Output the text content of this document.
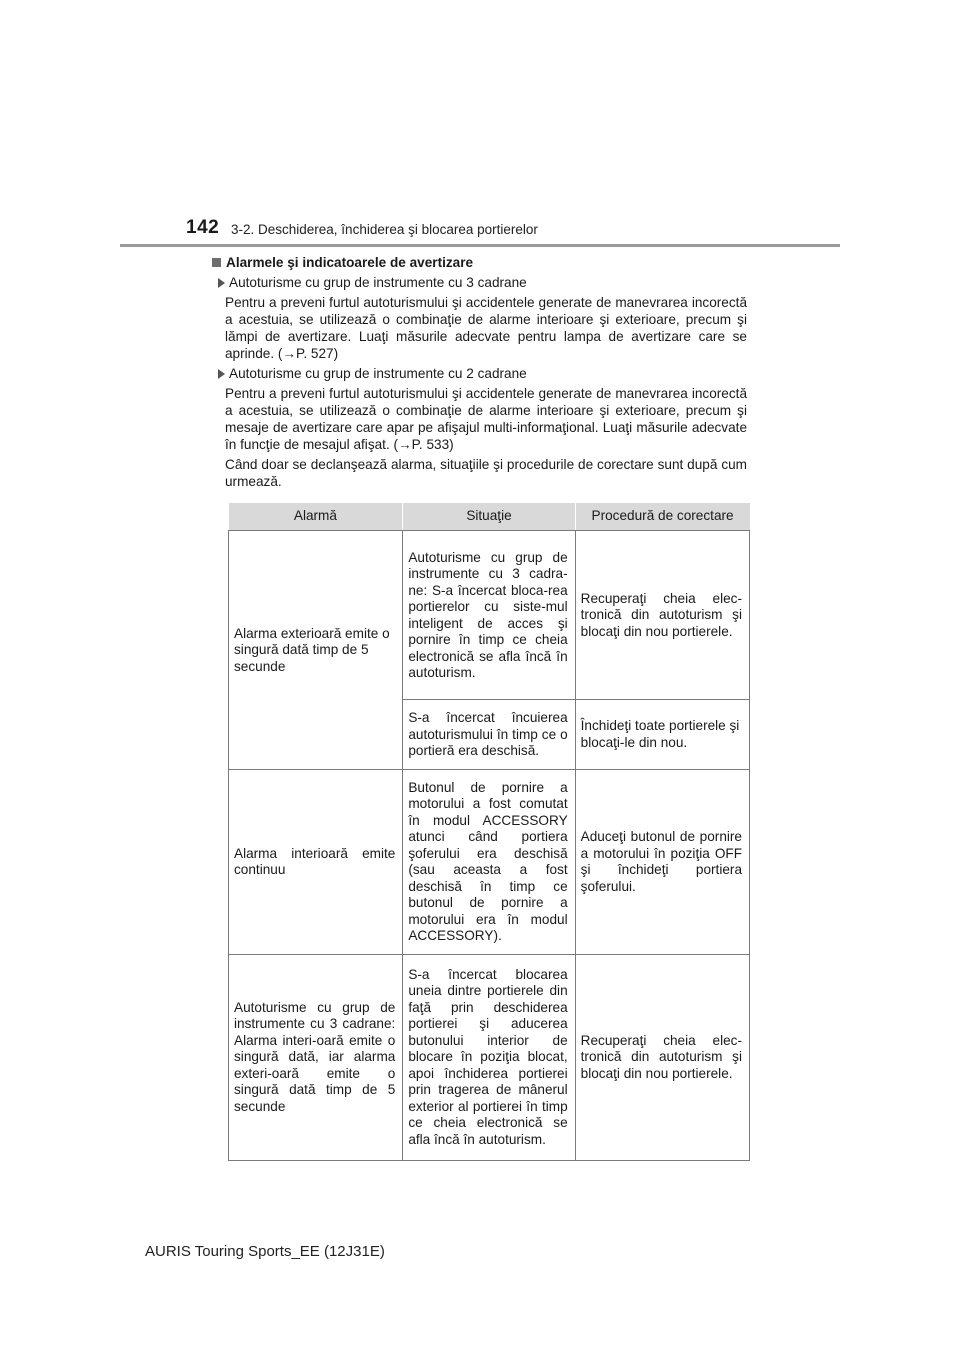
142 3-2. Deschiderea, închiderea şi blocarea portierelor
Alarmele şi indicatoarele de avertizare
Autoturisme cu grup de instrumente cu 3 cadrane

Pentru a preveni furtul autoturismului şi accidentele generate de manevrarea incorectă a acestuia, se utilizează o combinaţie de alarme interioare şi exterioare, precum şi lămpi de avertizare. Luaţi măsurile adecvate pentru lampa de avertizare care se aprinde. (→P. 527)

Autoturisme cu grup de instrumente cu 2 cadrane

Pentru a preveni furtul autoturismului şi accidentele generate de manevrarea incorectă a acestuia, se utilizează o combinaţie de alarme interioare şi exterioare, precum şi mesaje de avertizare care apar pe afişajul multi-informaţional. Luaţi măsurile adecvate în funcţie de mesajul afişat. (→P. 533)

Când doar se declanşează alarma, situaţiile şi procedurile de corectare sunt după cum urmează.

Alarmă	Situaţie	Procedură de corectare
Alarma exterioară emite o singură dată timp de 5 secunde	Autoturisme cu grup de instrumente cu 3 cadra-ne: S-a încercat bloca-rea portierelor cu siste-mul inteligent de acces şi pornire în timp ce cheia electronică se afla încă în autoturism.	Recuperaţi cheia elec-tronică din autoturism şi blocaţi din nou portierele.
	S-a încercat încuierea autoturismului în timp ce o portieră era deschisă.	Închideţi toate portierele şi blocaţi-le din nou.
Alarma interioară emite continuu	Butonul de pornire a motorului a fost comutat în modul ACCESSORY atunci când portiera şoferului era deschisă (sau aceasta a fost deschisă în timp ce butonul de pornire a motorului era în modul ACCESSORY).	Aduceţi butonul de pornire a motorului în poziţia OFF şi închideţi portiera şoferului.
Autoturisme cu grup de instrumente cu 3 cadrane: Alarma interi-oară emite o singură dată, iar alarma exteri-oară emite o singură dată timp de 5 secunde	S-a încercat blocarea uneia dintre portierele din faţă prin deschiderea portierei şi aducerea butonului interior de blocare în poziţia blocat, apoi închiderea portierei prin tragerea de mânerul exterior al portierei în timp ce cheia electronică se afla încă în autoturism.	Recuperaţi cheia elec-tronică din autoturism şi blocaţi din nou portierele.
AURIS Touring Sports_EE (12J31E)
